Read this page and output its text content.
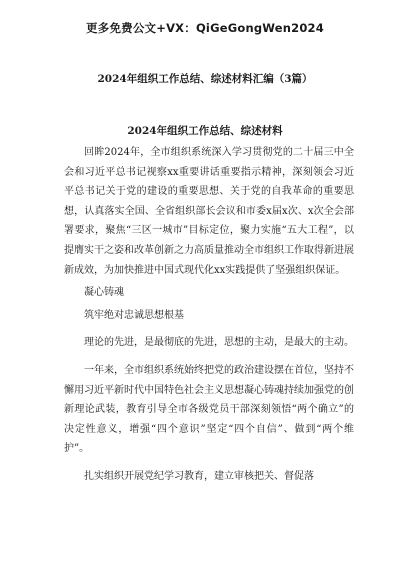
更多免费公文+VX：QiGeGongWen2024
2024年组织工作总结、综述材料汇编（3篇）
2024年组织工作总结、综述材料

回眸2024年，全市组织系统深入学习贯彻党的二十届三中全会和习近平总书记视察xx重要讲话重要指示精神，深刻领会习近平总书记关于党的建设的重要思想、关于党的自我革命的重要思想，认真落实全国、全省组织部长会议和市委x届x次、x次全会部署要求，聚焦“三区一城市”目标定位，聚力实施“五大工程”，以提膺实干之姿和改革创新之力高质量推动全市组织工作取得新进展新成效，为加快推进中国式现代化xx实践提供了坚强组织保证。

凝心铸魂

筑牢绝对忠诚思想根基

理论的先进，是最彻底的先进，思想的主动，是最大的主动。

一年来，全市组织系统始终把党的政治建设摆在首位，坚持不懈用习近平新时代中国特色社会主义思想凝心铸魂持续加强党的创新理论武装，教育引导全市各级党员干部深刻领悟“两个确立”的决定性意义，增强“四个意识”坚定“四个自信”、做到“两个维护”。

扎实组织开展党纪学习教育，建立审核把关、督促落
